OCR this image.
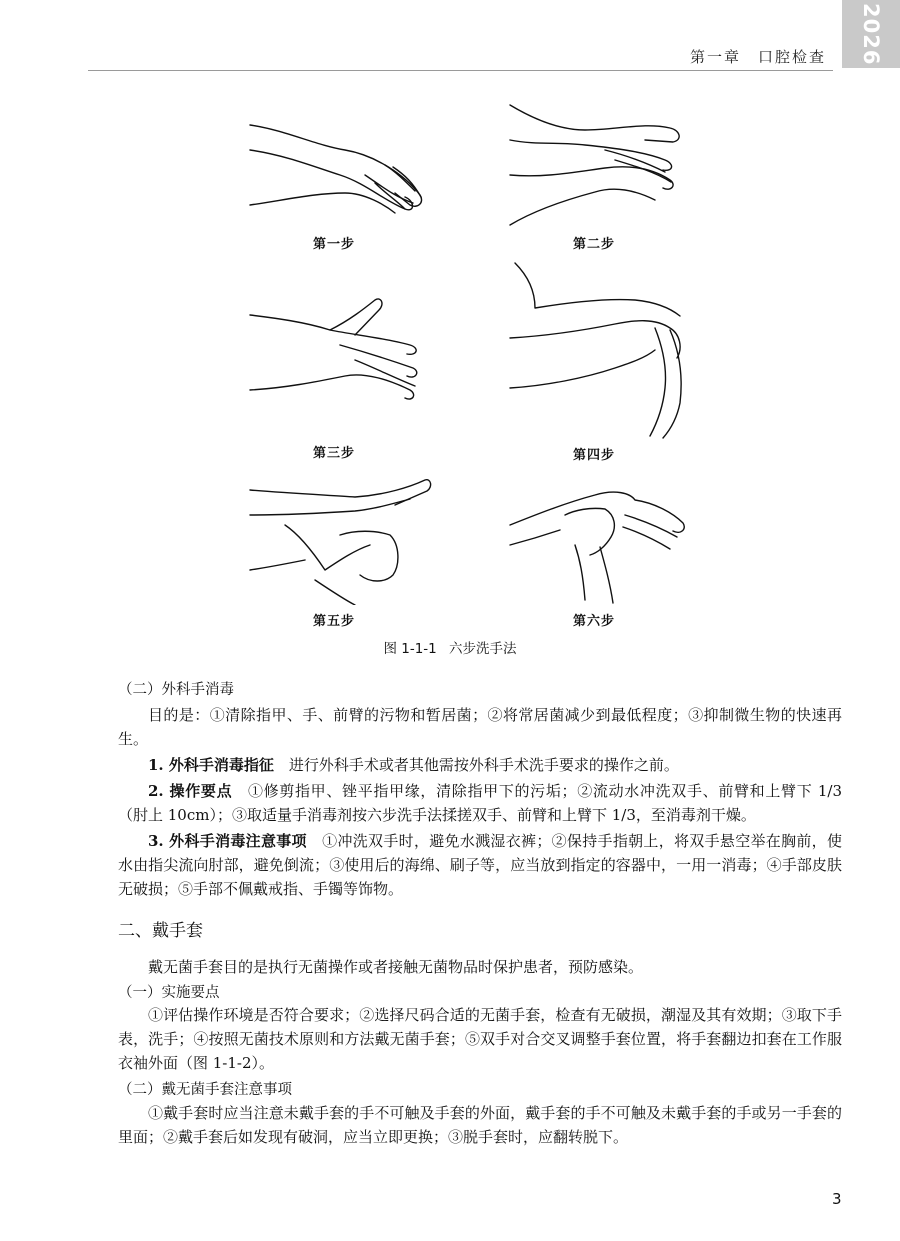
第一章　口腔检查	2026
第一步	第二步
第三步	第四步
第五步	第六步
图 1-1-1 六步洗手法
（二）外科手消毒

目的是：①清除指甲、手、前臂的污物和暂居菌；②将常居菌减少到最低程度；③抑制微生物的快速再生。

1. 外科手消毒指征　进行外科手术或者其他需按外科手术洗手要求的操作之前。

2. 操作要点　①修剪指甲、锉平指甲缘，清除指甲下的污垢；②流动水冲洗双手、前臂和上臂下 1/3（肘上 10cm）；③取适量手消毒剂按六步洗手法揉搓双手、前臂和上臂下 1/3，至消毒剂干燥。

3. 外科手消毒注意事项　①冲洗双手时，避免水溅湿衣裤；②保持手指朝上，将双手悬空举在胸前，使水由指尖流向肘部，避免倒流；③使用后的海绵、刷子等，应当放到指定的容器中，一用一消毒；④手部皮肤无破损；⑤手部不佩戴戒指、手镯等饰物。

二、戴手套

戴无菌手套目的是执行无菌操作或者接触无菌物品时保护患者，预防感染。

（一）实施要点

①评估操作环境是否符合要求；②选择尺码合适的无菌手套，检查有无破损，潮湿及其有效期；③取下手表，洗手；④按照无菌技术原则和方法戴无菌手套；⑤双手对合交叉调整手套位置，将手套翻边扣套在工作服衣袖外面（图 1-1-2）。

（二）戴无菌手套注意事项

①戴手套时应当注意未戴手套的手不可触及手套的外面，戴手套的手不可触及未戴手套的手或另一手套的里面；②戴手套后如发现有破洞，应当立即更换；③脱手套时，应翻转脱下。

3
